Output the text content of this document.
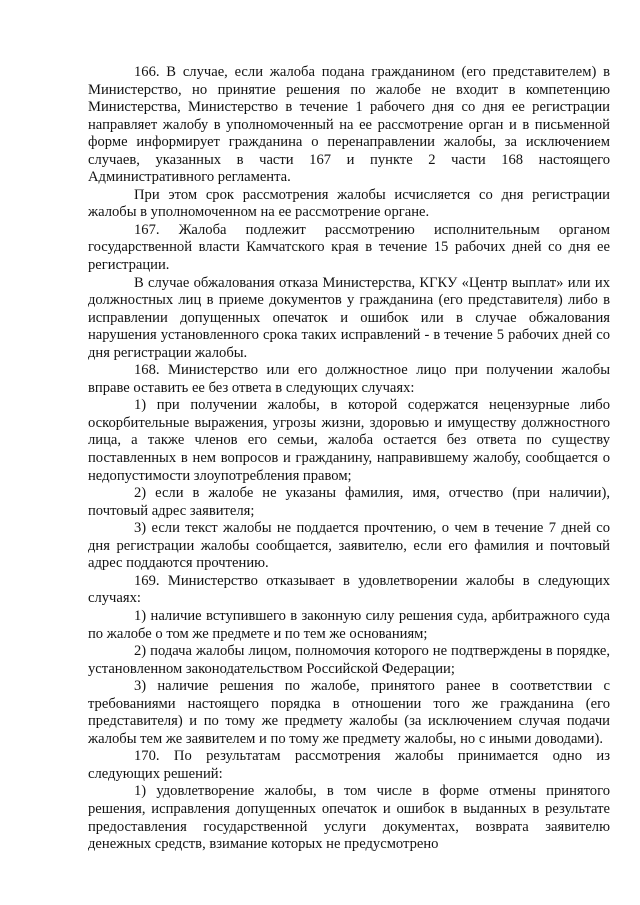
166. В случае, если жалоба подана гражданином (его представителем) в Министерство, но принятие решения по жалобе не входит в компетенцию Министерства, Министерство в течение 1 рабочего дня со дня ее регистрации направляет жалобу в уполномоченный на ее рассмотрение орган и в письменной форме информирует гражданина о перенаправлении жалобы, за исключением случаев, указанных в части 167 и пункте 2 части 168 настоящего Административного регламента.

При этом срок рассмотрения жалобы исчисляется со дня регистрации жалобы в уполномоченном на ее рассмотрение органе.

167. Жалоба подлежит рассмотрению исполнительным органом государственной власти Камчатского края в течение 15 рабочих дней со дня ее регистрации.

В случае обжалования отказа Министерства, КГКУ «Центр выплат» или их должностных лиц в приеме документов у гражданина (его представителя) либо в исправлении допущенных опечаток и ошибок или в случае обжалования нарушения установленного срока таких исправлений - в течение 5 рабочих дней со дня регистрации жалобы.

168. Министерство или его должностное лицо при получении жалобы вправе оставить ее без ответа в следующих случаях:

1) при получении жалобы, в которой содержатся нецензурные либо оскорбительные выражения, угрозы жизни, здоровью и имуществу должностного лица, а также членов его семьи, жалоба остается без ответа по существу поставленных в нем вопросов и гражданину, направившему жалобу, сообщается о недопустимости злоупотребления правом;

2) если в жалобе не указаны фамилия, имя, отчество (при наличии), почтовый адрес заявителя;

3) если текст жалобы не поддается прочтению, о чем в течение 7 дней со дня регистрации жалобы сообщается, заявителю, если его фамилия и почтовый адрес поддаются прочтению.

169. Министерство отказывает в удовлетворении жалобы в следующих случаях:

1) наличие вступившего в законную силу решения суда, арбитражного суда по жалобе о том же предмете и по тем же основаниям;

2) подача жалобы лицом, полномочия которого не подтверждены в порядке, установленном законодательством Российской Федерации;

3) наличие решения по жалобе, принятого ранее в соответствии с требованиями настоящего порядка в отношении того же гражданина (его представителя) и по тому же предмету жалобы (за исключением случая подачи жалобы тем же заявителем и по тому же предмету жалобы, но с иными доводами).

170. По результатам рассмотрения жалобы принимается одно из следующих решений:

1) удовлетворение жалобы, в том числе в форме отмены принятого решения, исправления допущенных опечаток и ошибок в выданных в результате предоставления государственной услуги документах, возврата заявителю денежных средств, взимание которых не предусмотрено
